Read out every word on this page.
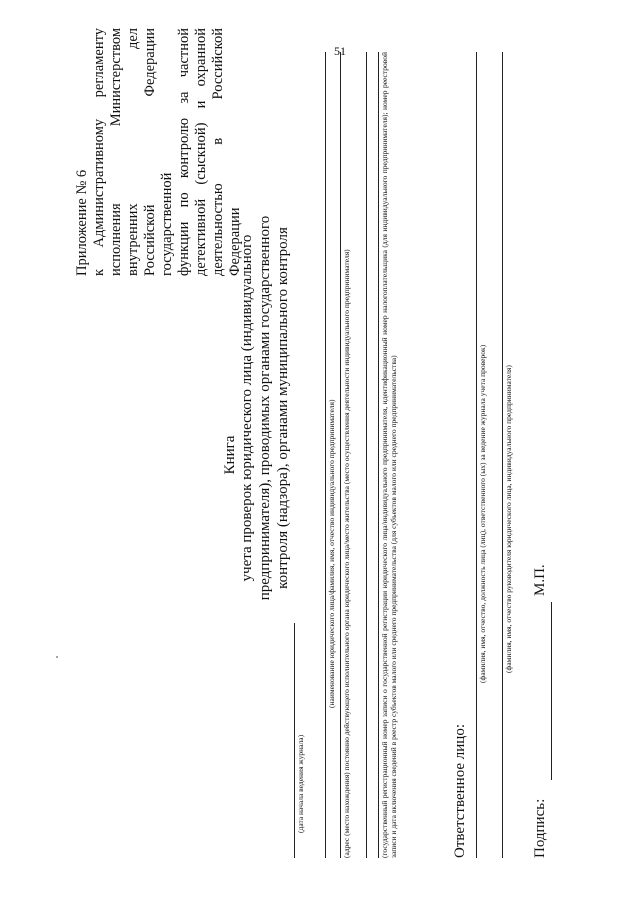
51
Приложение № 6 к Административному регламенту исполнения Министерством внутренних дел Российской Федерации государственной функции по контролю за частной детективной (сыскной) и охранной деятельностью в Российской Федерации
Книга учета проверок юридического лица (индивидуального предпринимателя), проводимых органами государственного контроля (надзора), органами муниципального контроля
(дата начала ведения журнала)
(наименование юридического лица/фамилия, имя, отчество индивидуального предпринимателя) (адрес (место нахождения) постоянно действующего исполнительного органа юридического лица/место жительства (место осуществления деятельности индивидуального предпринимателя)	(государственный регистрационный номер записи о государственной регистрации юридического лица/индивидуального предпринимателя, идентификационный номер налогоплательщика (для индивидуального предпринимателя); номер реестровой записи и дата включения сведений в реестр субъектов малого или среднего предпринимательства (для субъектов малого или среднего предпринимательства)	Ответственное лицо:
(фамилия, имя, отчество, должность лица (лиц), ответственного (ых) за ведение журнала учета проверок) (фамилия, имя, отчество руководителя юридического лица, индивидуального предпринимателя)
Подпись:
М.П.
